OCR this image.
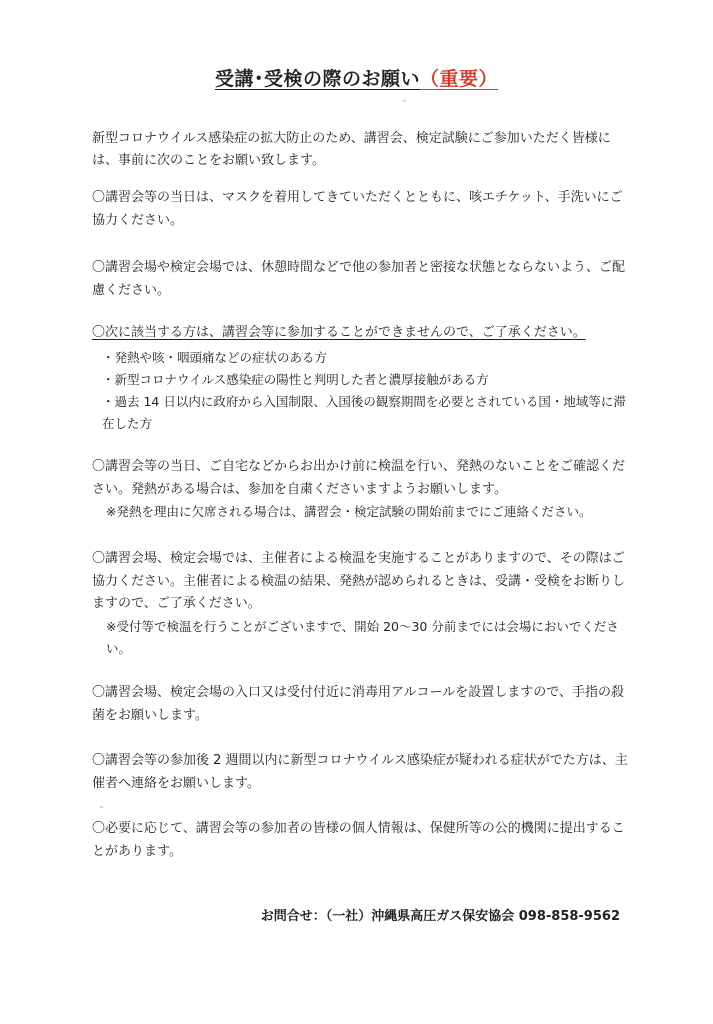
受講･受検の際のお願い（重要）
新型コロナウイルス感染症の拡大防止のため、講習会、検定試験にご参加いただく皆様には、事前に次のことをお願い致します。
〇講習会等の当日は、マスクを着用してきていただくとともに、咳エチケット、手洗いにご協力ください。
〇講習会場や検定会場では、休憩時間などで他の参加者と密接な状態とならないよう、ご配慮ください。
〇次に該当する方は、講習会等に参加することができませんので、ご了承ください。
・発熱や咳・咽頭痛などの症状のある方
・新型コロナウイルス感染症の陽性と判明した者と濃厚接触がある方
・過去 14 日以内に政府から入国制限、入国後の観察期間を必要とされている国・地域等に滞在した方
〇講習会等の当日、ご自宅などからお出かけ前に検温を行い、発熱のないことをご確認ください。発熱がある場合は、参加を自粛くださいますようお願いします。
※発熱を理由に欠席される場合は、講習会・検定試験の開始前までにご連絡ください。
〇講習会場、検定会場では、主催者による検温を実施することがありますので、その際はご協力ください。主催者による検温の結果、発熱が認められるときは、受講・受検をお断りしますので、ご了承ください。
※受付等で検温を行うことがございますで、開始 20～30 分前までには会場においでください。
〇講習会場、検定会場の入口又は受付付近に消毒用アルコールを設置しますので、手指の殺菌をお願いします。
〇講習会等の参加後 2 週間以内に新型コロナウイルス感染症が疑われる症状がでた方は、主催者へ連絡をお願いします。
〇必要に応じて、講習会等の参加者の皆様の個人情報は、保健所等の公的機関に提出することがあります。
お問合せ：（一社）沖縄県高圧ガス保安協会 098-858-9562
